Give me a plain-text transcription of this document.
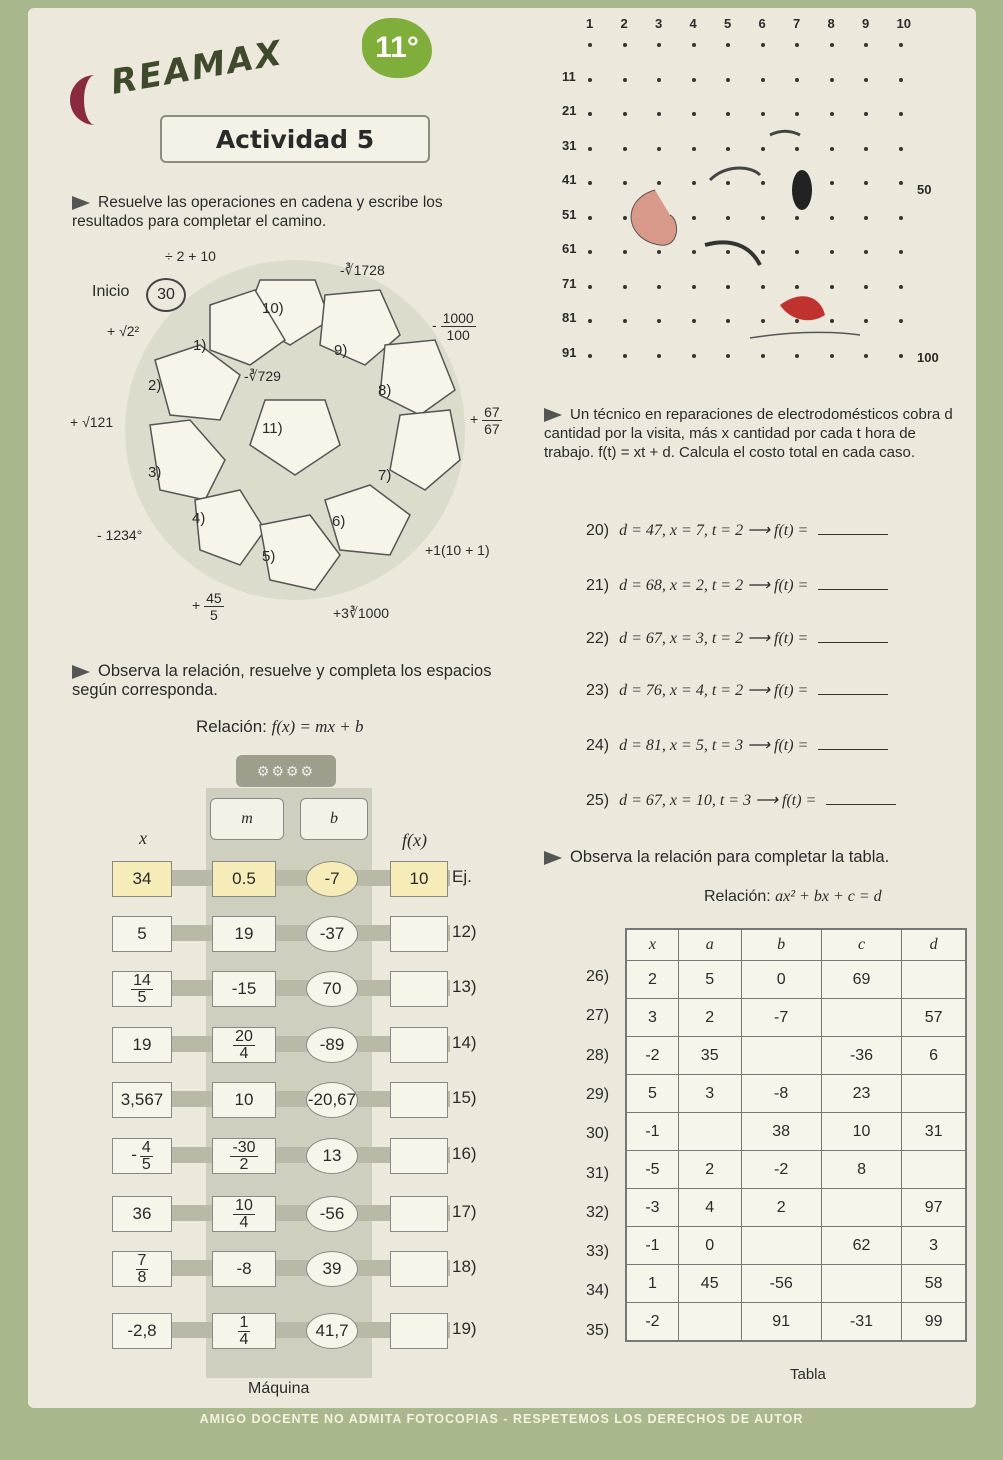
REAMAX	11°
Actividad 5
Resuelve las operaciones en cadena y escribe los resultados para completar el camino.
Inicio	30
1)
2)
3)
4)
5)
6)
7)
8)
9)
10)
11)
÷ 2 + 10
-∛1728
- $\frac{1000}{100}$
+ √2²
-∛729
+ √121	+ $\frac{67}{67}$
- 1234°
+1(10 + 1)
+ $\frac{45}{5}$	+3∛1000
Observa la relación, resuelve y completa los espacios según corresponda.
Relación: f(x) = mx + b
⚙⚙⚙⚙
m	b
x	f(x)
34	0.5	-7	10	Ej.
5	19	-37	12)
$\frac{14}{5}$	-15	70	13)
19	$\frac{20}{4}$	-89	14)
3,567	10	-20,67	15)
- $\frac{4}{5}$	$\frac{-30}{2}$	13	16)
36	$\frac{10}{4}$	-56	17)
$\frac{7}{8}$	-8	39	18)
-2,8	$\frac{1}{4}$	41,7	19)
Máquina
1 2 3 4 5 6 7 8 9 10
11
21
31
41
51
61
71
81
91
50
100
Un técnico en reparaciones de electrodomésticos cobra d cantidad por la visita, más x cantidad por cada t hora de trabajo. f(t) = xt + d. Calcula el costo total en cada caso.
20) d = 47, x = 7, t = 2 ⟶ f(t) =
21) d = 68, x = 2, t = 2 ⟶ f(t) =
22) d = 67, x = 3, t = 2 ⟶ f(t) =
23) d = 76, x = 4, t = 2 ⟶ f(t) =
24) d = 81, x = 5, t = 3 ⟶ f(t) =
25) d = 67, x = 10, t = 3 ⟶ f(t) =
Observa la relación para completar la tabla.
Relación: ax² + bx + c = d
x	a	b	c	d
2	5	0	69	
3	2	-7		57
-2	35		-36	6
5	3	-8	23	
-1		38	10	31
-5	2	-2	8	
-3	4	2		97
-1	0		62	3
1	45	-56		58
-2		91	-31	99
26)
27)
28)
29)
30)
31)
32)
33)
34)
35)
Tabla
AMIGO DOCENTE NO ADMITA FOTOCOPIAS - RESPETEMOS LOS DERECHOS DE AUTOR
